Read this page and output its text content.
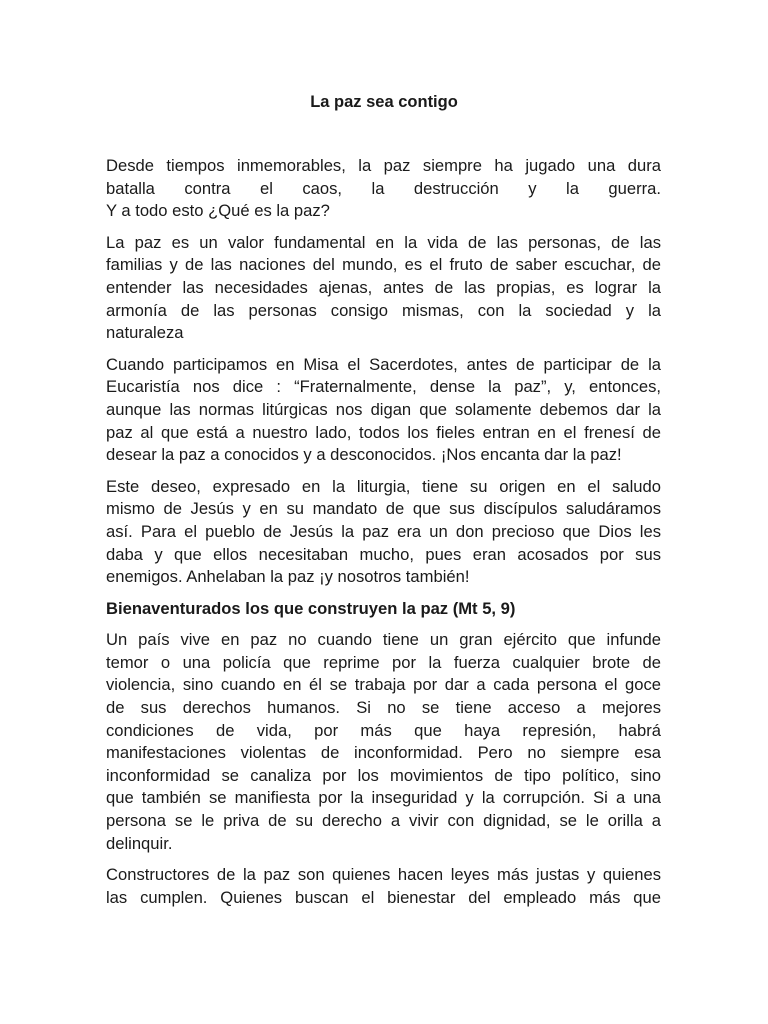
La paz sea contigo

Desde tiempos inmemorables, la paz siempre ha jugado una dura
batalla contra el caos, la destrucción y la guerra.
Y a todo esto ¿Qué es la paz?

La paz es un valor fundamental en la vida de las personas, de las
familias y de las naciones del mundo, es el fruto de saber escuchar, de
entender las necesidades ajenas, antes de las propias, es lograr la
armonía de las personas consigo mismas, con la sociedad y la
naturaleza

Cuando participamos en Misa el Sacerdotes, antes de participar de la
Eucaristía nos dice : “Fraternalmente, dense la paz”, y, entonces,
aunque las normas litúrgicas nos digan que solamente debemos dar la
paz al que está a nuestro lado, todos los fieles entran en el frenesí de
desear la paz a conocidos y a desconocidos. ¡Nos encanta dar la paz!

Este deseo, expresado en la liturgia, tiene su origen en el saludo
mismo de Jesús y en su mandato de que sus discípulos saludáramos
así. Para el pueblo de Jesús la paz era un don precioso que Dios les
daba y que ellos necesitaban mucho, pues eran acosados por sus
enemigos. Anhelaban la paz ¡y nosotros también!

Bienaventurados los que construyen la paz (Mt 5, 9)

Un país vive en paz no cuando tiene un gran ejército que infunde
temor o una policía que reprime por la fuerza cualquier brote de
violencia, sino cuando en él se trabaja por dar a cada persona el goce
de sus derechos humanos. Si no se tiene acceso a mejores
condiciones de vida, por más que haya represión, habrá
manifestaciones violentas de inconformidad. Pero no siempre esa
inconformidad se canaliza por los movimientos de tipo político, sino
que también se manifiesta por la inseguridad y la corrupción. Si a una
persona se le priva de su derecho a vivir con dignidad, se le orilla a
delinquir.

Constructores de la paz son quienes hacen leyes más justas y quienes
las cumplen. Quienes buscan el bienestar del empleado más que
